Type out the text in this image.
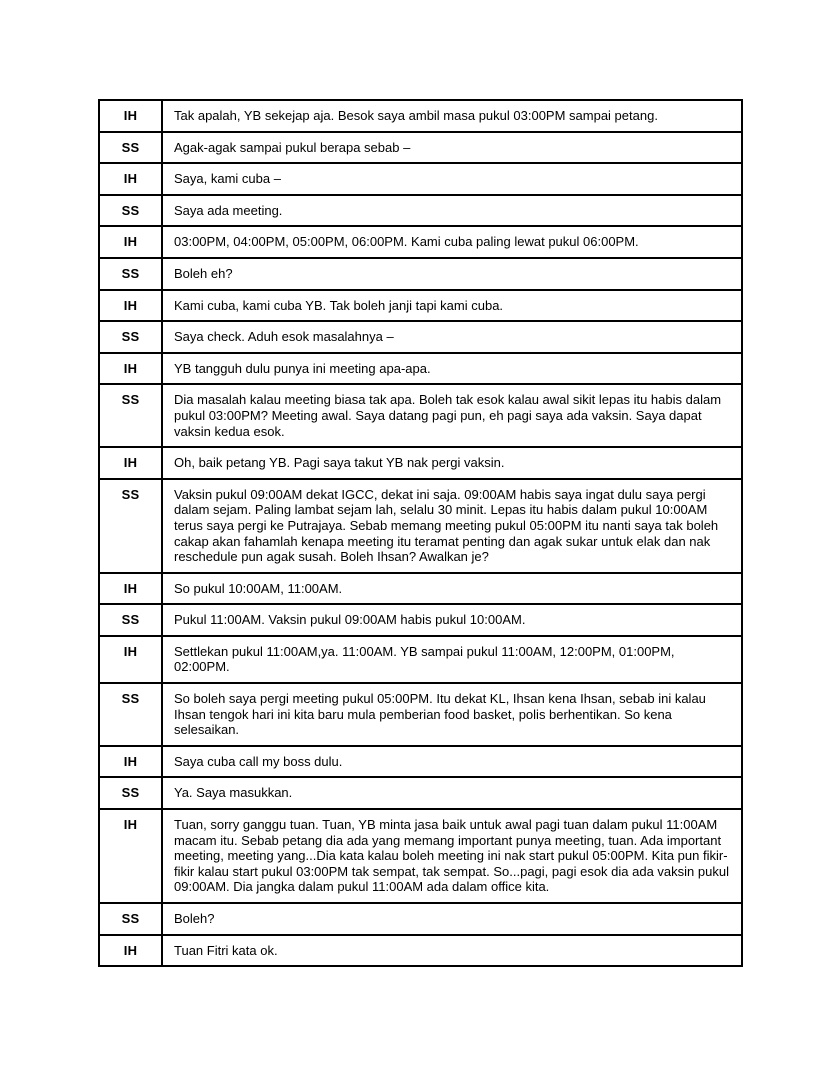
IH	Tak apalah, YB sekejap aja. Besok saya ambil masa pukul 03:00PM sampai petang.
SS	Agak-agak sampai pukul berapa sebab –
IH	Saya, kami cuba –
SS	Saya ada meeting.
IH	03:00PM, 04:00PM, 05:00PM, 06:00PM. Kami cuba paling lewat pukul 06:00PM.
SS	Boleh eh?
IH	Kami cuba, kami cuba YB. Tak boleh janji tapi kami cuba.
SS	Saya check. Aduh esok masalahnya –
IH	YB tangguh dulu punya ini meeting apa-apa.
SS	Dia masalah kalau meeting biasa tak apa. Boleh tak esok kalau awal sikit lepas itu habis dalam pukul 03:00PM? Meeting awal. Saya datang pagi pun, eh pagi saya ada vaksin. Saya dapat vaksin kedua esok.
IH	Oh, baik petang YB. Pagi saya takut YB nak pergi vaksin.
SS	Vaksin pukul 09:00AM dekat IGCC, dekat ini saja. 09:00AM habis saya ingat dulu saya pergi dalam sejam. Paling lambat sejam lah, selalu 30 minit. Lepas itu habis dalam pukul 10:00AM terus saya pergi ke Putrajaya. Sebab memang meeting pukul 05:00PM itu nanti saya tak boleh cakap akan fahamlah kenapa meeting itu teramat penting dan agak sukar untuk elak dan nak reschedule pun agak susah. Boleh Ihsan? Awalkan je?
IH	So pukul 10:00AM, 11:00AM.
SS	Pukul 11:00AM. Vaksin pukul 09:00AM habis pukul 10:00AM.
IH	Settlekan pukul 11:00AM,ya. 11:00AM. YB sampai pukul 11:00AM, 12:00PM, 01:00PM, 02:00PM.
SS	So boleh saya pergi meeting pukul 05:00PM. Itu dekat KL, Ihsan kena Ihsan, sebab ini kalau Ihsan tengok hari ini kita baru mula pemberian food basket, polis berhentikan. So kena selesaikan.
IH	Saya cuba call my boss dulu.
SS	Ya. Saya masukkan.
IH	Tuan, sorry ganggu tuan. Tuan, YB minta jasa baik untuk awal pagi tuan dalam pukul 11:00AM macam itu. Sebab petang dia ada yang memang important punya meeting, tuan. Ada important meeting, meeting yang...Dia kata kalau boleh meeting ini nak start pukul 05:00PM. Kita pun fikir-fikir kalau start pukul 03:00PM tak sempat, tak sempat. So...pagi, pagi esok dia ada vaksin pukul 09:00AM. Dia jangka dalam pukul 11:00AM ada dalam office kita.
SS	Boleh?
IH	Tuan Fitri kata ok.
